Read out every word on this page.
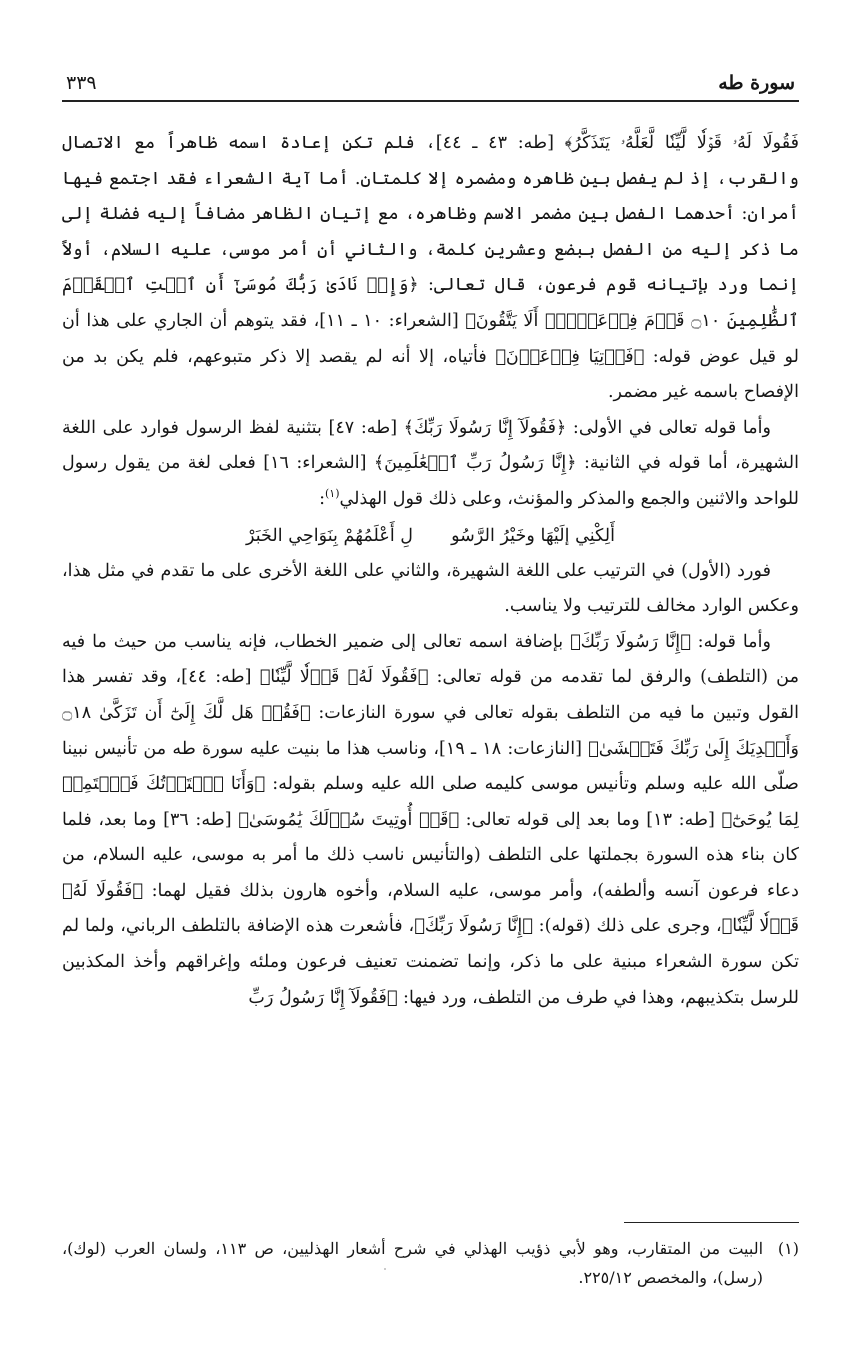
سورة طه
٣٣٩

فَقُولَا لَهُۥ قَوۡلٗا لَّيِّنٗا لَّعَلَّهُۥ يَتَذَكَّرُ﴾ [طه: ٤٣ ـ ٤٤]، فلم تكن إعادة اسمه ظاهراً مع الاتصال والقرب، إذ لم يفصل بين ظاهره ومضمره إلا كلمتان. أما آية الشعراء فقد اجتمع فيها أمران: أحدهما الفصل بين مضمر الاسم وظاهره، مع إتيان الظاهر مضافاً إليه فضلة إلى ما ذكر إليه من الفصل ببضع وعشرين كلمة، والثاني أن أمر موسى، عليه السلام، أولاً إنما ورد بإتيانه قوم فرعون، قال تعالى: ﴿وَإِذۡ نَادَىٰ رَبُّكَ مُوسَىٰٓ أَنِ ٱئۡتِ ٱلۡقَوۡمَ ٱلظَّٰلِمِينَ ۝١٠ قَوۡمَ فِرۡعَوۡنَۚ أَلَا يَتَّقُونَ﴾ [الشعراء: ١٠ ـ ١١]، فقد يتوهم أن الجاري على هذا أن لو قيل عوض قوله: ﴿فَأۡتِيَا فِرۡعَوۡنَ﴾ فأتياه، إلا أنه لم يقصد إلا ذكر متبوعهم، فلم يكن بد من الإفصاح باسمه غير مضمر.

وأما قوله تعالى في الأولى: ﴿فَقُولَآ إِنَّا رَسُولَا رَبِّكَ﴾ [طه: ٤٧] بتثنية لفظ الرسول فوارد على اللغة الشهيرة، أما قوله في الثانية: ﴿إِنَّا رَسُولُ رَبِّ ٱلۡعَٰلَمِينَ﴾ [الشعراء: ١٦] فعلى لغة من يقول رسول للواحد والاثنين والجمع والمذكر والمؤنث، وعلى ذلك قول الهذلي$^{(١)}$:

أَلِكْنِي إلَيْهَا وخَيْرُ الرَّسُو
لِ أَعْلَمُهُمْ بِنَوَاحِي الخَبَرْ

فورد (الأول) في الترتيب على اللغة الشهيرة، والثاني على اللغة الأخرى على ما تقدم في مثل هذا، وعكس الوارد مخالف للترتيب ولا يناسب.

وأما قوله: ﴿إِنَّا رَسُولَا رَبِّكَ﴾ بإضافة اسمه تعالى إلى ضمير الخطاب، فإنه يناسب من حيث ما فيه من (التلطف) والرفق لما تقدمه من قوله تعالى: ﴿فَقُولَا لَهُۥ قَوۡلٗا لَّيِّنٗا﴾ [طه: ٤٤]، وقد تفسر هذا القول وتبين ما فيه من التلطف بقوله تعالى في سورة النازعات: ﴿فَقُلۡ هَل لَّكَ إِلَىٰٓ أَن تَزَكَّىٰ ۝١٨ وَأَهۡدِيَكَ إِلَىٰ رَبِّكَ فَتَخۡشَىٰ﴾ [النازعات: ١٨ ـ ١٩]، وناسب هذا ما بنيت عليه سورة طه من تأنيس نبينا صلّى الله عليه وسلم وتأنيس موسى كليمه صلى الله عليه وسلم بقوله: ﴿وَأَنَا ٱخۡتَرۡتُكَ فَٱسۡتَمِعۡ لِمَا يُوحَىٰٓ﴾ [طه: ١٣] وما بعد إلى قوله تعالى: ﴿قَدۡ أُوتِيتَ سُؤۡلَكَ يَٰمُوسَىٰ﴾ [طه: ٣٦] وما بعد، فلما كان بناء هذه السورة بجملتها على التلطف (والتأنيس ناسب ذلك ما أمر به موسى، عليه السلام، من دعاء فرعون آنسه وألطفه)، وأمر موسى، عليه السلام، وأخوه هارون بذلك فقيل لهما: ﴿فَقُولَا لَهُۥ قَوۡلٗا لَّيِّنٗا﴾، وجرى على ذلك (قوله): ﴿إِنَّا رَسُولَا رَبِّكَ﴾، فأشعرت هذه الإضافة بالتلطف الرباني، ولما لم تكن سورة الشعراء مبنية على ما ذكر، وإنما تضمنت تعنيف فرعون وملئه وإغراقهم وأخذ المكذبين للرسل بتكذيبهم، وهذا في طرف من التلطف، ورد فيها: ﴿فَقُولَآ إِنَّا رَسُولُ رَبِّ

(١)البيت من المتقارب، وهو لأبي ذؤيب الهذلي في شرح أشعار الهذليين، ص ١١٣، ولسان العرب (لوك)، (رسل)، والمخصص ٢٢٥/١٢.
